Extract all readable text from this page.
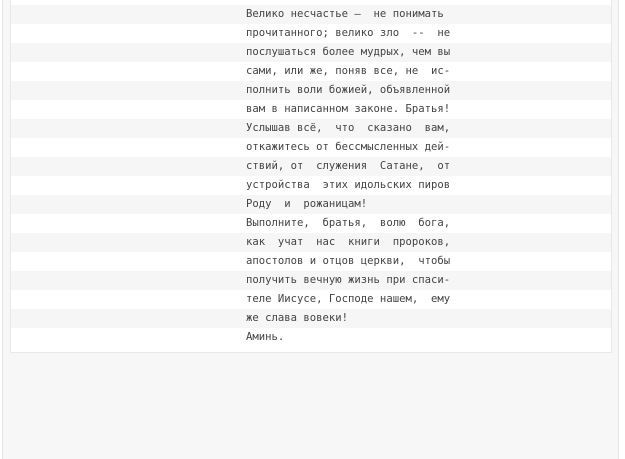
Велико несчастье –  не понимать
прочитанного; велико зло  --  не
послушаться более мудрых, чем вы
сами, или же, поняв все, не  ис-
полнить воли божией, объявленной
вам в написанном законе. Братья!
Услышав всё,  что  сказано  вам,
откажитесь от бессмысленных дей-
ствий, от  служения  Сатане,  от
устройства  этих идольских пиров
Роду  и  рожаницам!
Выполните,  братья,  волю  бога,
как  учат  нас  книги  пророков,
апостолов и отцов церкви,  чтобы
получить вечную жизнь при спаси-
теле Иисусе, Господе нашем,  ему
же слава вовеки!
Аминь.
